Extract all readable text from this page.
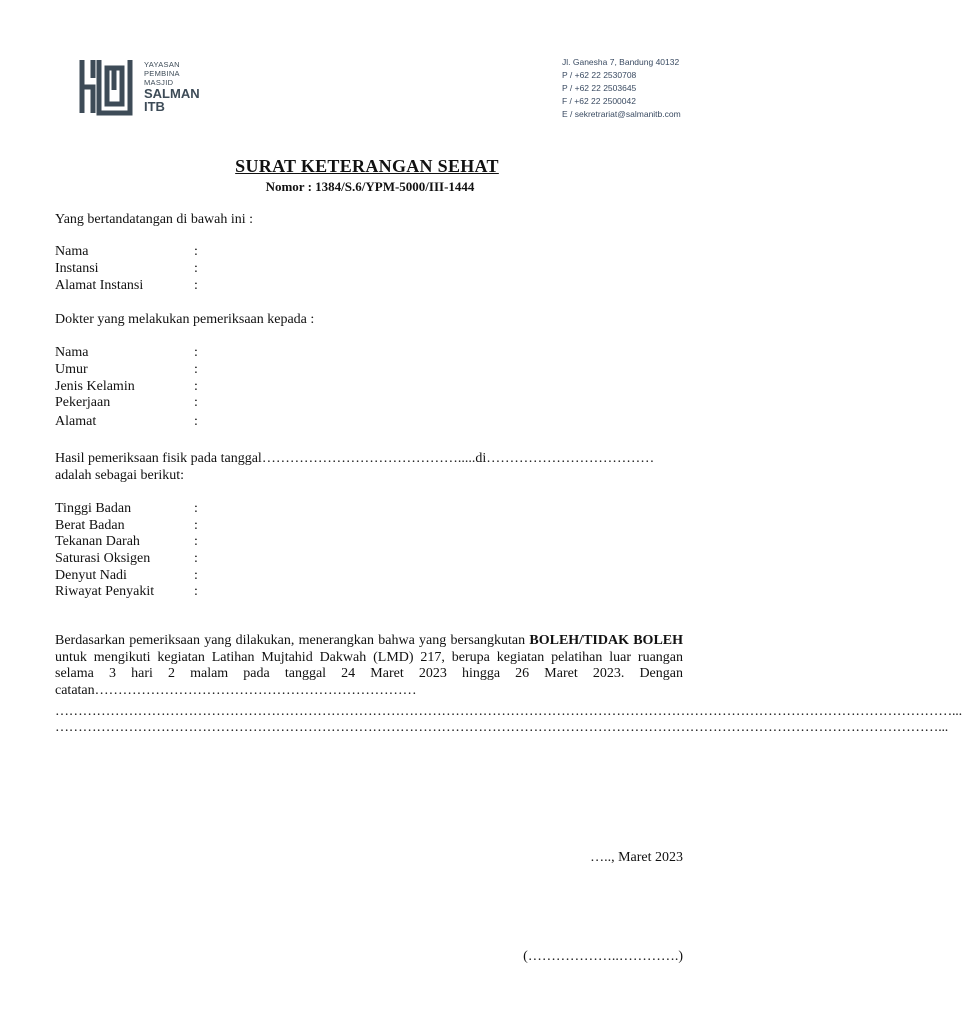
YAYASAN
PEMBINA
MASJID
SALMAN
ITB
Jl. Ganesha 7, Bandung 40132
P / +62 22 2530708
P / +62 22 2503645
F / +62 22 2500042
E / sekretrariat@salmanitb.com
SURAT KETERANGAN SEHAT
Nomor : 1384/S.6/YPM-5000/III-1444
Yang bertandatangan di bawah ini :
Nama	:
Instansi	:
Alamat Instansi	:
Dokter yang melakukan pemeriksaan kepada :
Nama	:
Umur	:
Jenis Kelamin	:
Pekerjaan	:
Alamat	:
Hasil pemeriksaan fisik pada tanggal…………………………………….....di………………………………
adalah sebagai berikut:
Tinggi Badan	:
Berat Badan	:
Tekanan Darah	:
Saturasi Oksigen	:
Denyut Nadi	:
Riwayat Penyakit	:
Berdasarkan pemeriksaan yang dilakukan, menerangkan bahwa yang bersangkutan BOLEH/TIDAK BOLEH untuk mengikuti kegiatan Latihan Mujtahid Dakwah (LMD) 217, berupa kegiatan pelatihan luar ruangan selama 3 hari 2 malam pada tanggal 24 Maret 2023 hingga 26 Maret 2023. Dengan catatan……………………………………………………………
……………………………………………………………………………………………………………………………………………………………………………...
…………………………………………………………………………………………………………………………………………………………………………...
….., Maret 2023
(………………..………….)
